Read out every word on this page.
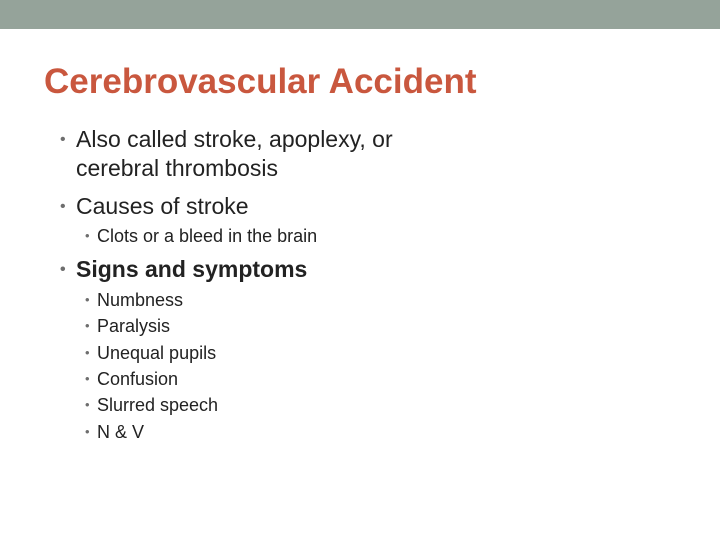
Cerebrovascular Accident
• Also called stroke, apoplexy, or
cerebral thrombosis
• Causes of stroke
• Clots or a bleed in the brain
• Signs and symptoms
• Numbness
• Paralysis
• Unequal pupils
• Confusion
• Slurred speech
• N & V
